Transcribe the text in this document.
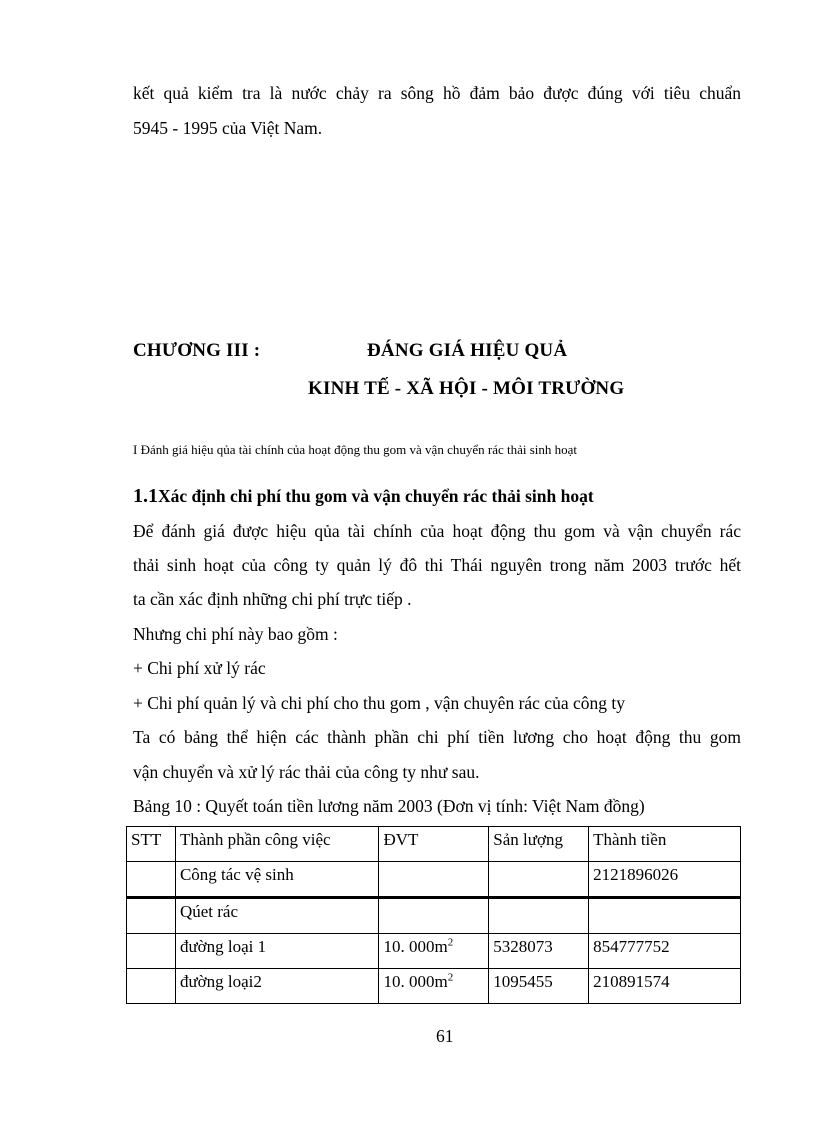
kết quả kiểm tra là nước chảy ra sông hồ đảm bảo được đúng với tiêu chuẩn
5945 - 1995 của Việt Nam.
CHƯƠNG III :	ĐÁNG GIÁ HIỆU QUẢ
KINH TẾ - XÃ HỘI - MÔI TRƯỜNG
I Đánh giá hiệu qủa tài chính của hoạt động thu gom và vận chuyển rác thải sinh hoạt
1.1Xác định chi phí thu gom và vận chuyển rác thải sinh hoạt
Để đánh giá được hiệu qủa tài chính của hoạt động thu gom và vận chuyển rác
thải sinh hoạt của công ty quản lý đô thi Thái nguyên trong năm 2003 trước hết
ta cần xác định những chi phí trực tiếp .
Nhưng chi phí này bao gồm :
+ Chi phí xử lý rác
+ Chi phí quản lý và chi phí cho thu gom , vận chuyên rác của công ty
Ta có bảng thể hiện các thành phần chi phí tiền lương cho hoạt động thu gom
vận chuyển và xử lý rác thải của công ty như sau.
Bảng 10 : Quyết toán tiền lương năm 2003 (Đơn vị tính: Việt Nam đồng)
STT	Thành phần công việc	ĐVT	Sản lượng	Thành tiền
	Công tác vệ sinh			2121896026
	Qúet rác			
	đường loại 1	10. $000m^2$	5328073	854777752
	đường loại2	10. $000m^2$	1095455	210891574
61
